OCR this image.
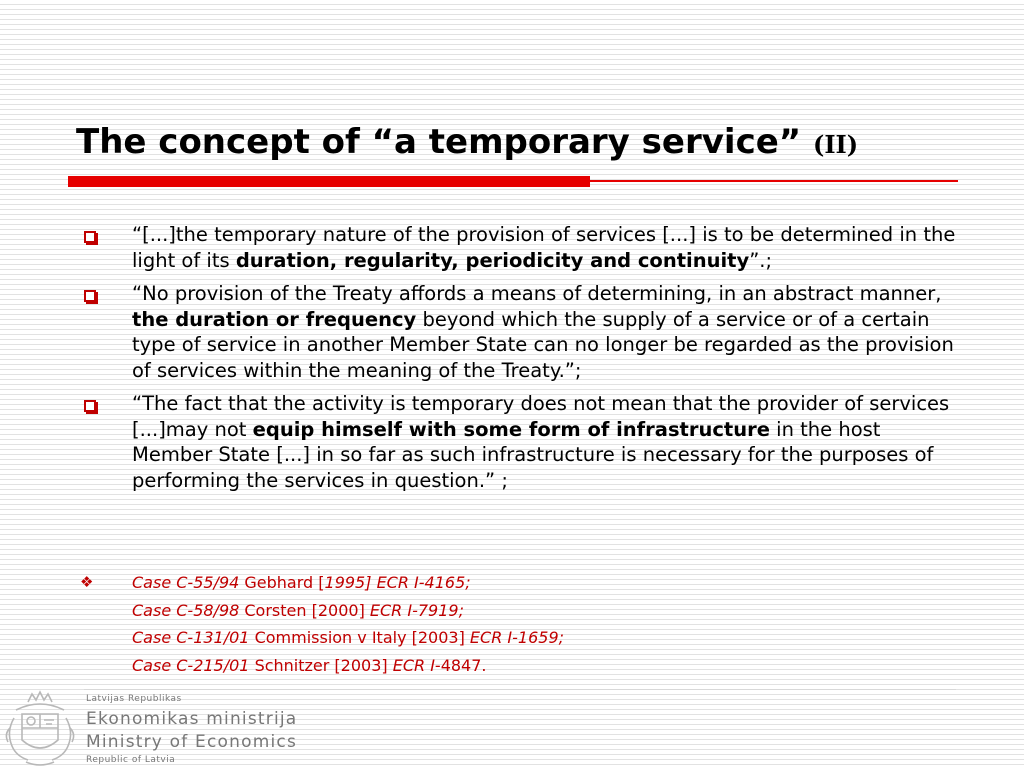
The concept of “a temporary service” (II)
“[...]the temporary nature of the provision of services [...] is to be determined in the light of its duration, regularity, periodicity and continuity”.;
“No provision of the Treaty affords a means of determining, in an abstract manner, the duration or frequency beyond which the supply of a service or of a certain type of service in another Member State can no longer be regarded as the provision of services within the meaning of the Treaty.”;
“The fact that the activity is temporary does not mean that the provider of services [...]may not equip himself with some form of infrastructure in the host Member State [...] in so far as such infrastructure is necessary for the purposes of performing the services in question.” ;
❖ Case C-55/94 Gebhard [1995] ECR I-4165;
Case C-58/98 Corsten [2000] ECR I-7919;
Case C-131/01 Commission v Italy [2003] ECR I-1659;
Case C-215/01 Schnitzer [2003] ECR I-4847.
Latvijas Republikas
Ekonomikas ministrija
Ministry of Economics
Republic of Latvia
